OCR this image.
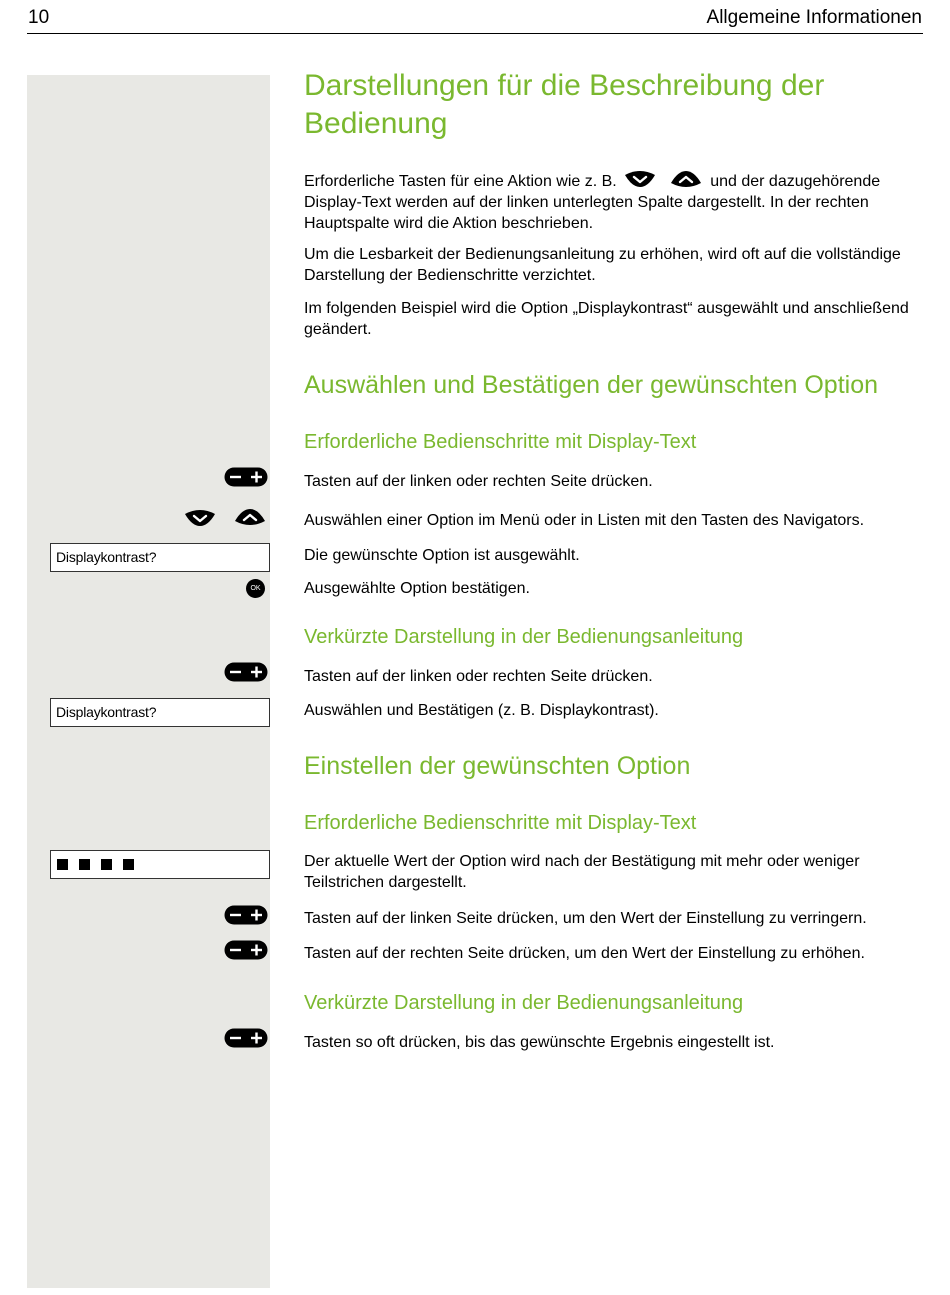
10	Allgemeine Informationen
Darstellungen für die Beschreibung der Bedienung

Erforderliche Tasten für eine Aktion wie z. B.	und der dazugehörende Display-Text werden auf der linken unterlegten Spalte dargestellt. In der rechten Hauptspalte wird die Aktion beschrieben.

Um die Lesbarkeit der Bedienungsanleitung zu erhöhen, wird oft auf die vollständige Darstellung der Bedienschritte verzichtet.

Im folgenden Beispiel wird die Option „Displaykontrast“ ausgewählt und anschließend geändert.

Auswählen und Bestätigen der gewünschten Option
Erforderliche Bedienschritte mit Display-Text

Tasten auf der linken oder rechten Seite drücken.

Auswählen einer Option im Menü oder in Listen mit den Tasten des Navigators.

Displaykontrast?	Die gewünschte Option ist ausgewählt.

OK	Ausgewählte Option bestätigen.

Verkürzte Darstellung in der Bedienungsanleitung

Tasten auf der linken oder rechten Seite drücken.

Displaykontrast?	Auswählen und Bestätigen (z. B. Displaykontrast).

Einstellen der gewünschten Option
Erforderliche Bedienschritte mit Display-Text

Der aktuelle Wert der Option wird nach der Bestätigung mit mehr oder weniger Teilstrichen dargestellt.

Tasten auf der linken Seite drücken, um den Wert der Einstellung zu verringern.

Tasten auf der rechten Seite drücken, um den Wert der Einstellung zu erhöhen.

Verkürzte Darstellung in der Bedienungsanleitung

Tasten so oft drücken, bis das gewünschte Ergebnis eingestellt ist.
